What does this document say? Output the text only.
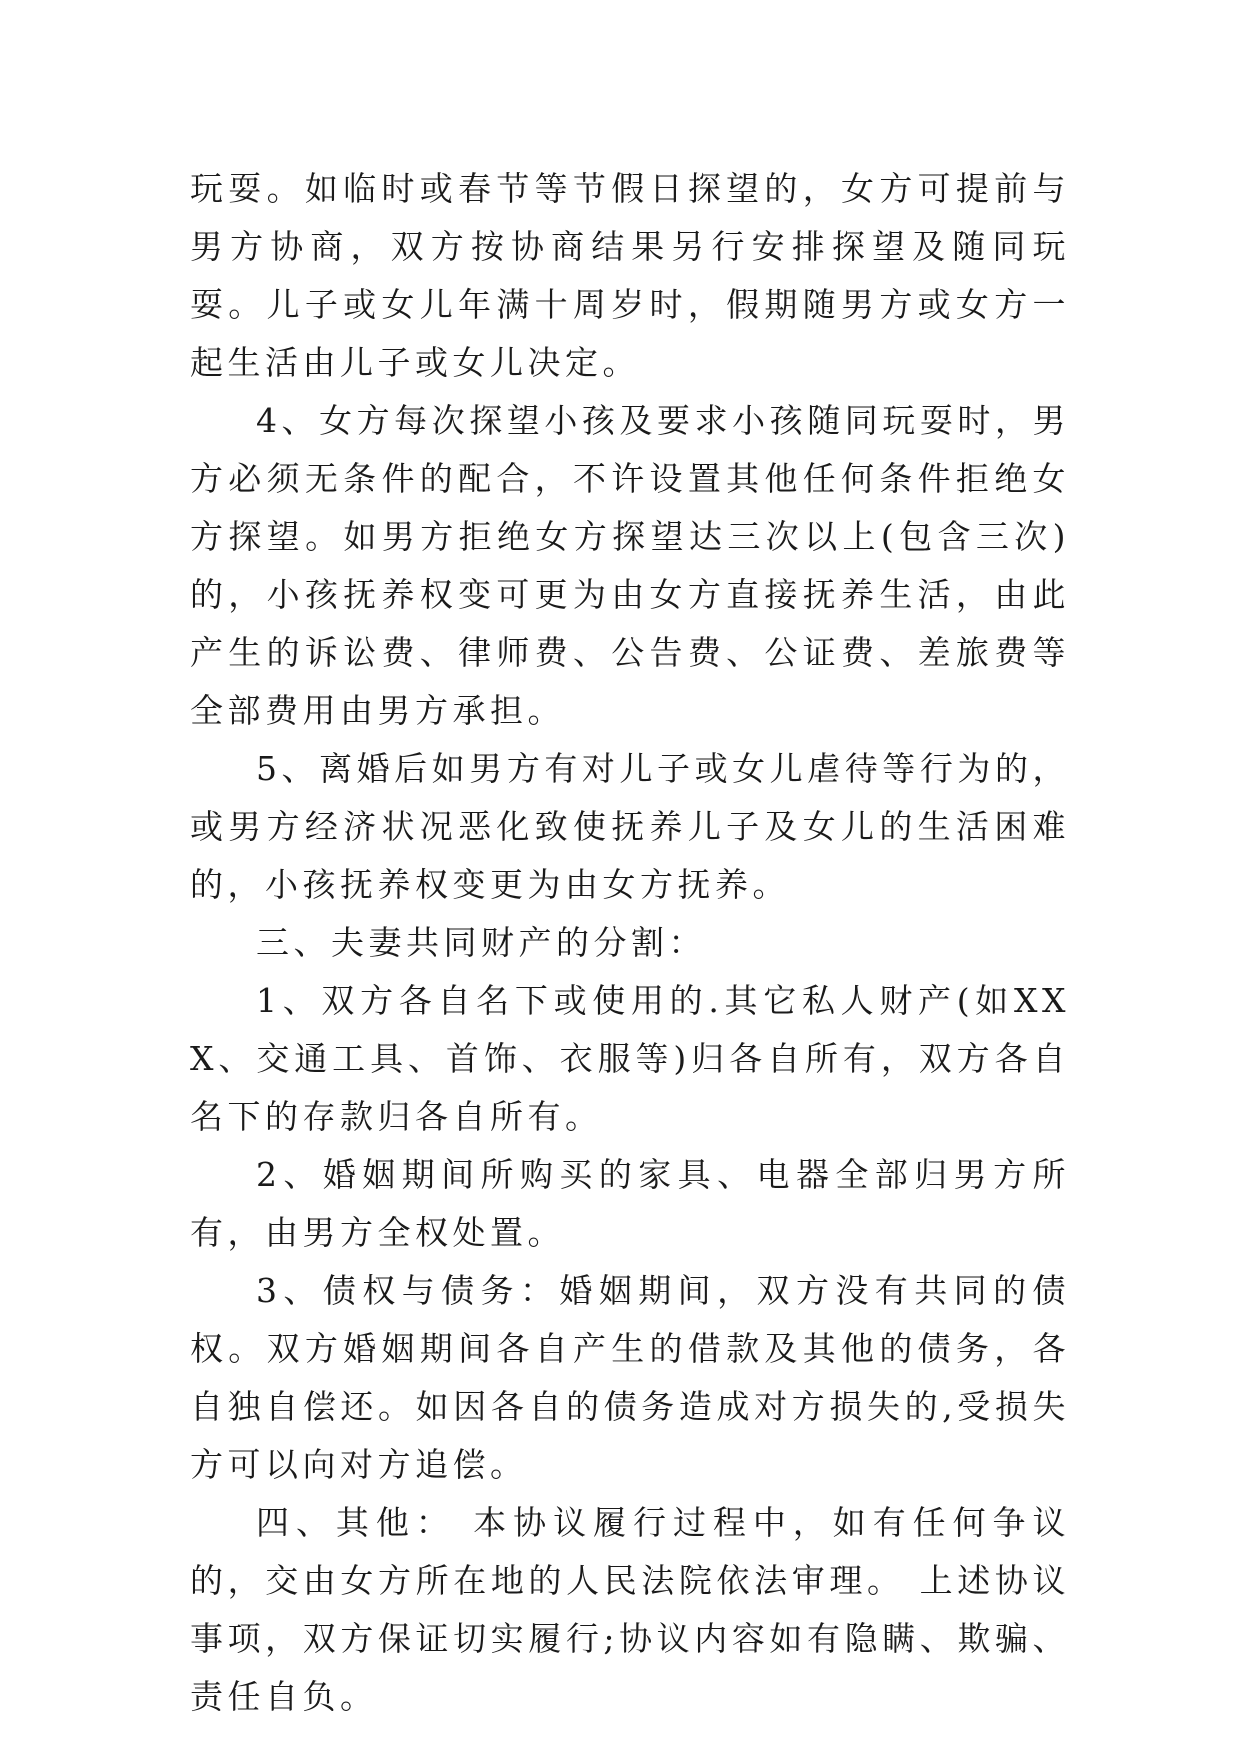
玩耍。如临时或春节等节假日探望的，女方可提前与男方协商，双方按协商结果另行安排探望及随同玩耍。儿子或女儿年满十周岁时，假期随男方或女方一起生活由儿子或女儿决定。

4、女方每次探望小孩及要求小孩随同玩耍时，男方必须无条件的配合，不许设置其他任何条件拒绝女方探望。如男方拒绝女方探望达三次以上(包含三次)的，小孩抚养权变可更为由女方直接抚养生活，由此产生的诉讼费、律师费、公告费、公证费、差旅费等全部费用由男方承担。

5、离婚后如男方有对儿子或女儿虐待等行为的，或男方经济状况恶化致使抚养儿子及女儿的生活困难的，小孩抚养权变更为由女方抚养。

三、夫妻共同财产的分割：

1、双方各自名下或使用的.其它私人财产(如XXX、交通工具、首饰、衣服等)归各自所有，双方各自名下的存款归各自所有。

2、婚姻期间所购买的家具、电器全部归男方所有，由男方全权处置。

3、债权与债务：婚姻期间，双方没有共同的债权。双方婚姻期间各自产生的借款及其他的债务，各自独自偿还。如因各自的债务造成对方损失的,受损失方可以向对方追偿。

四、其他： 本协议履行过程中，如有任何争议的，交由女方所在地的人民法院依法审理。 上述协议事项，双方保证切实履行;协议内容如有隐瞒、欺骗、责任自负。
